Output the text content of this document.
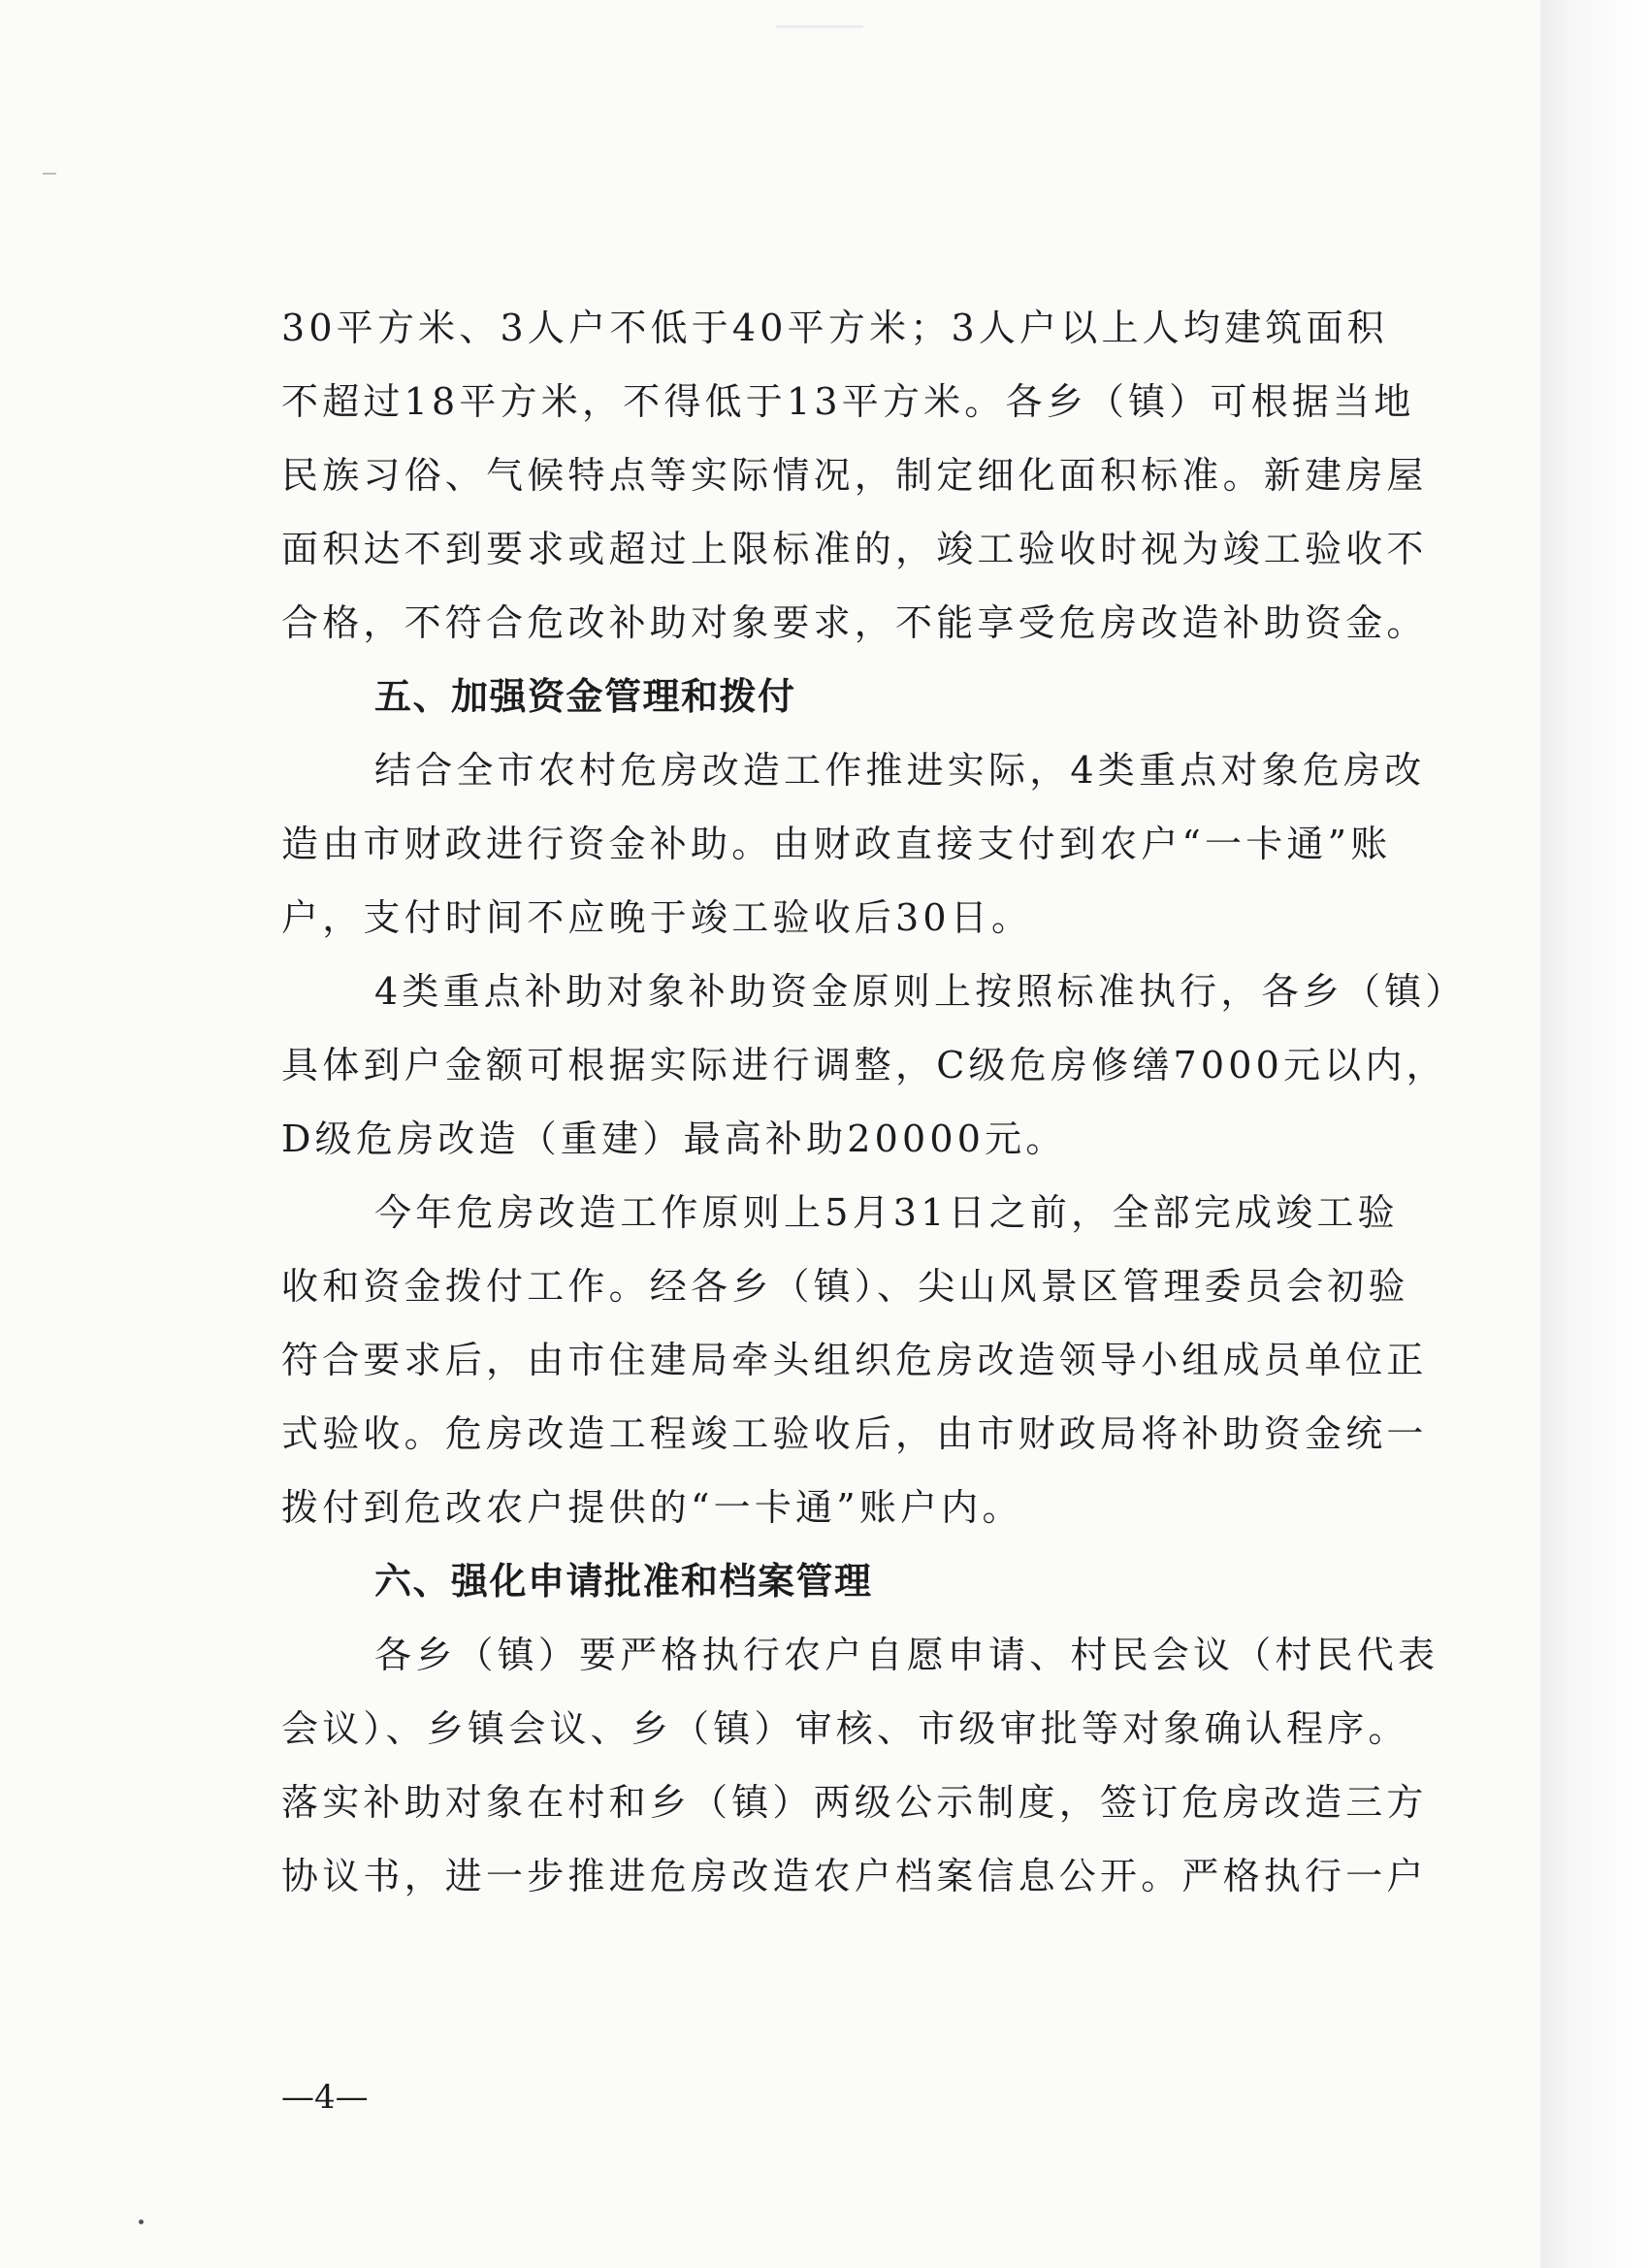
30平方米、3人户不低于40平方米；3人户以上人均建筑面积

不超过18平方米，不得低于13平方米。各乡（镇）可根据当地

民族习俗、气候特点等实际情况，制定细化面积标准。新建房屋

面积达不到要求或超过上限标准的，竣工验收时视为竣工验收不

合格，不符合危改补助对象要求，不能享受危房改造补助资金。

五、加强资金管理和拨付

结合全市农村危房改造工作推进实际，4类重点对象危房改

造由市财政进行资金补助。由财政直接支付到农户“一卡通”账

户，支付时间不应晚于竣工验收后30日。

4类重点补助对象补助资金原则上按照标准执行，各乡（镇）

具体到户金额可根据实际进行调整，C级危房修缮7000元以内，

D级危房改造（重建）最高补助20000元。

今年危房改造工作原则上5月31日之前，全部完成竣工验

收和资金拨付工作。经各乡（镇）、尖山风景区管理委员会初验

符合要求后，由市住建局牵头组织危房改造领导小组成员单位正

式验收。危房改造工程竣工验收后，由市财政局将补助资金统一

拨付到危改农户提供的“一卡通”账户内。

六、强化申请批准和档案管理

各乡（镇）要严格执行农户自愿申请、村民会议（村民代表

会议）、乡镇会议、乡（镇）审核、市级审批等对象确认程序。

落实补助对象在村和乡（镇）两级公示制度，签订危房改造三方

协议书，进一步推进危房改造农户档案信息公开。严格执行一户

—4—
